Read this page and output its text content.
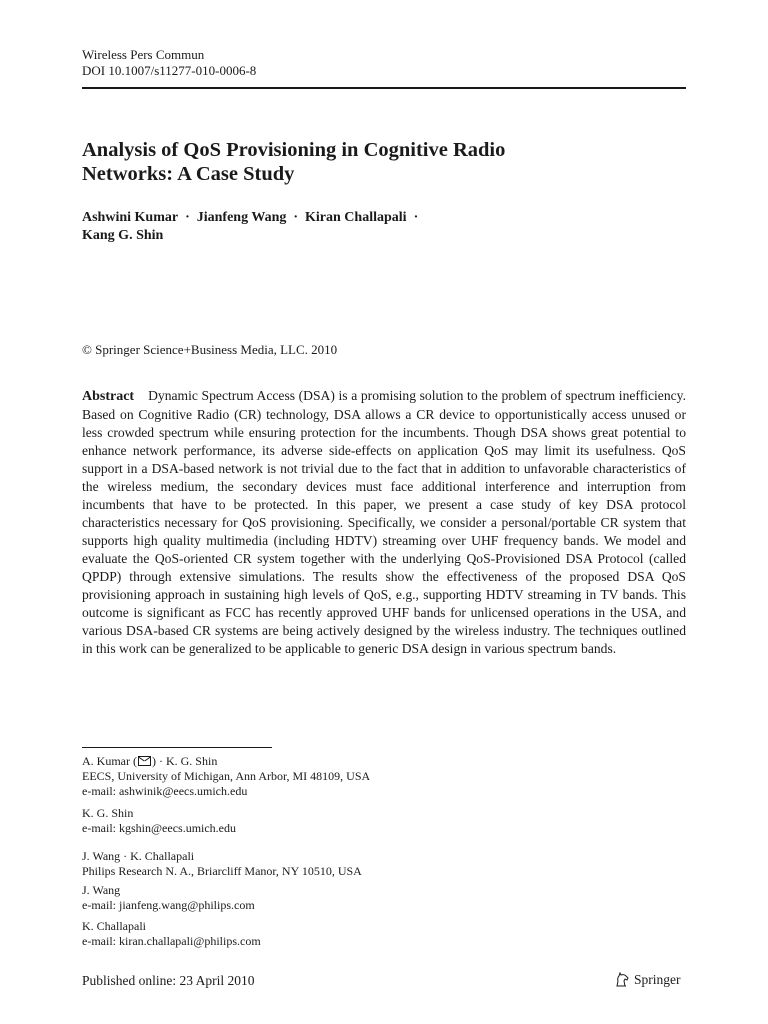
Wireless Pers Commun
DOI 10.1007/s11277-010-0006-8
Analysis of QoS Provisioning in Cognitive Radio
Networks: A Case Study
Ashwini Kumar · Jianfeng Wang · Kiran Challapali ·
Kang G. Shin
© Springer Science+Business Media, LLC. 2010
Abstract Dynamic Spectrum Access (DSA) is a promising solution to the problem of spectrum inefficiency. Based on Cognitive Radio (CR) technology, DSA allows a CR device to opportunistically access unused or less crowded spectrum while ensuring protection for the incumbents. Though DSA shows great potential to enhance network performance, its adverse side-effects on application QoS may limit its usefulness. QoS support in a DSA-based network is not trivial due to the fact that in addition to unfavorable characteristics of the wireless medium, the secondary devices must face additional interference and interruption from incumbents that have to be protected. In this paper, we present a case study of key DSA protocol characteristics necessary for QoS provisioning. Specifically, we consider a personal/portable CR system that supports high quality multimedia (including HDTV) streaming over UHF frequency bands. We model and evaluate the QoS-oriented CR system together with the underlying QoS-Provisioned DSA Protocol (called QPDP) through extensive simulations. The results show the effectiveness of the proposed DSA QoS provisioning approach in sustaining high levels of QoS, e.g., supporting HDTV streaming in TV bands. This outcome is significant as FCC has recently approved UHF bands for unlicensed operations in the USA, and various DSA-based CR systems are being actively designed by the wireless industry. The techniques outlined in this work can be generalized to be applicable to generic DSA design in various spectrum bands.
A. Kumar ( ) · K. G. Shin
EECS, University of Michigan, Ann Arbor, MI 48109, USA
e-mail: ashwinik@eecs.umich.edu
K. G. Shin
e-mail: kgshin@eecs.umich.edu
J. Wang · K. Challapali
Philips Research N. A., Briarcliff Manor, NY 10510, USA
J. Wang
e-mail: jianfeng.wang@philips.com
K. Challapali
e-mail: kiran.challapali@philips.com
Published online: 23 April 2010	Springer
